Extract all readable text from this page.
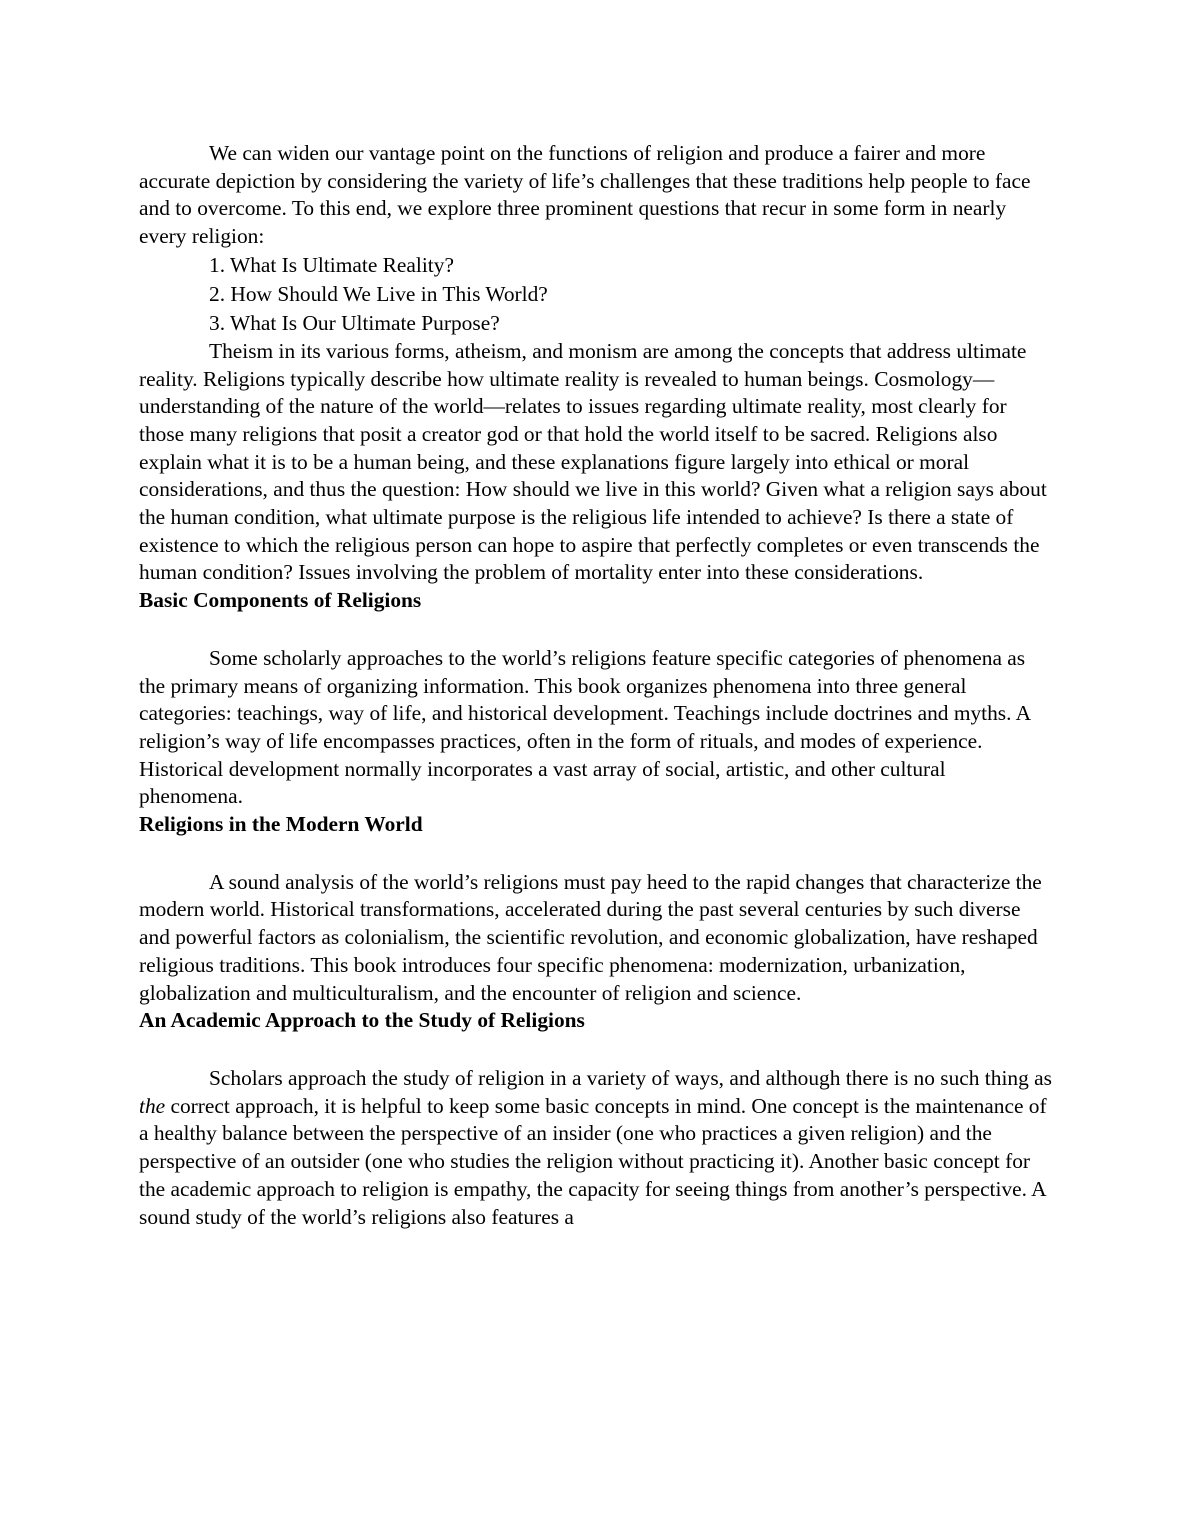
We can widen our vantage point on the functions of religion and produce a fairer and more accurate depiction by considering the variety of life’s challenges that these traditions help people to face and to overcome. To this end, we explore three prominent questions that recur in some form in nearly every religion:

1. What Is Ultimate Reality?
2. How Should We Live in This World?
3. What Is Our Ultimate Purpose?

Theism in its various forms, atheism, and monism are among the concepts that address ultimate reality. Religions typically describe how ultimate reality is revealed to human beings. Cosmology—understanding of the nature of the world—relates to issues regarding ultimate reality, most clearly for those many religions that posit a creator god or that hold the world itself to be sacred. Religions also explain what it is to be a human being, and these explanations figure largely into ethical or moral considerations, and thus the question: How should we live in this world? Given what a religion says about the human condition, what ultimate purpose is the religious life intended to achieve? Is there a state of existence to which the religious person can hope to aspire that perfectly completes or even transcends the human condition? Issues involving the problem of mortality enter into these considerations.

Basic Components of Religions

Some scholarly approaches to the world’s religions feature specific categories of phenomena as the primary means of organizing information. This book organizes phenomena into three general categories: teachings, way of life, and historical development. Teachings include doctrines and myths. A religion’s way of life encompasses practices, often in the form of rituals, and modes of experience. Historical development normally incorporates a vast array of social, artistic, and other cultural phenomena.

Religions in the Modern World

A sound analysis of the world’s religions must pay heed to the rapid changes that characterize the modern world. Historical transformations, accelerated during the past several centuries by such diverse and powerful factors as colonialism, the scientific revolution, and economic globalization, have reshaped religious traditions. This book introduces four specific phenomena: modernization, urbanization, globalization and multiculturalism, and the encounter of religion and science.

An Academic Approach to the Study of Religions

Scholars approach the study of religion in a variety of ways, and although there is no such thing as the correct approach, it is helpful to keep some basic concepts in mind. One concept is the maintenance of a healthy balance between the perspective of an insider (one who practices a given religion) and the perspective of an outsider (one who studies the religion without practicing it). Another basic concept for the academic approach to religion is empathy, the capacity for seeing things from another’s perspective. A sound study of the world’s religions also features a
